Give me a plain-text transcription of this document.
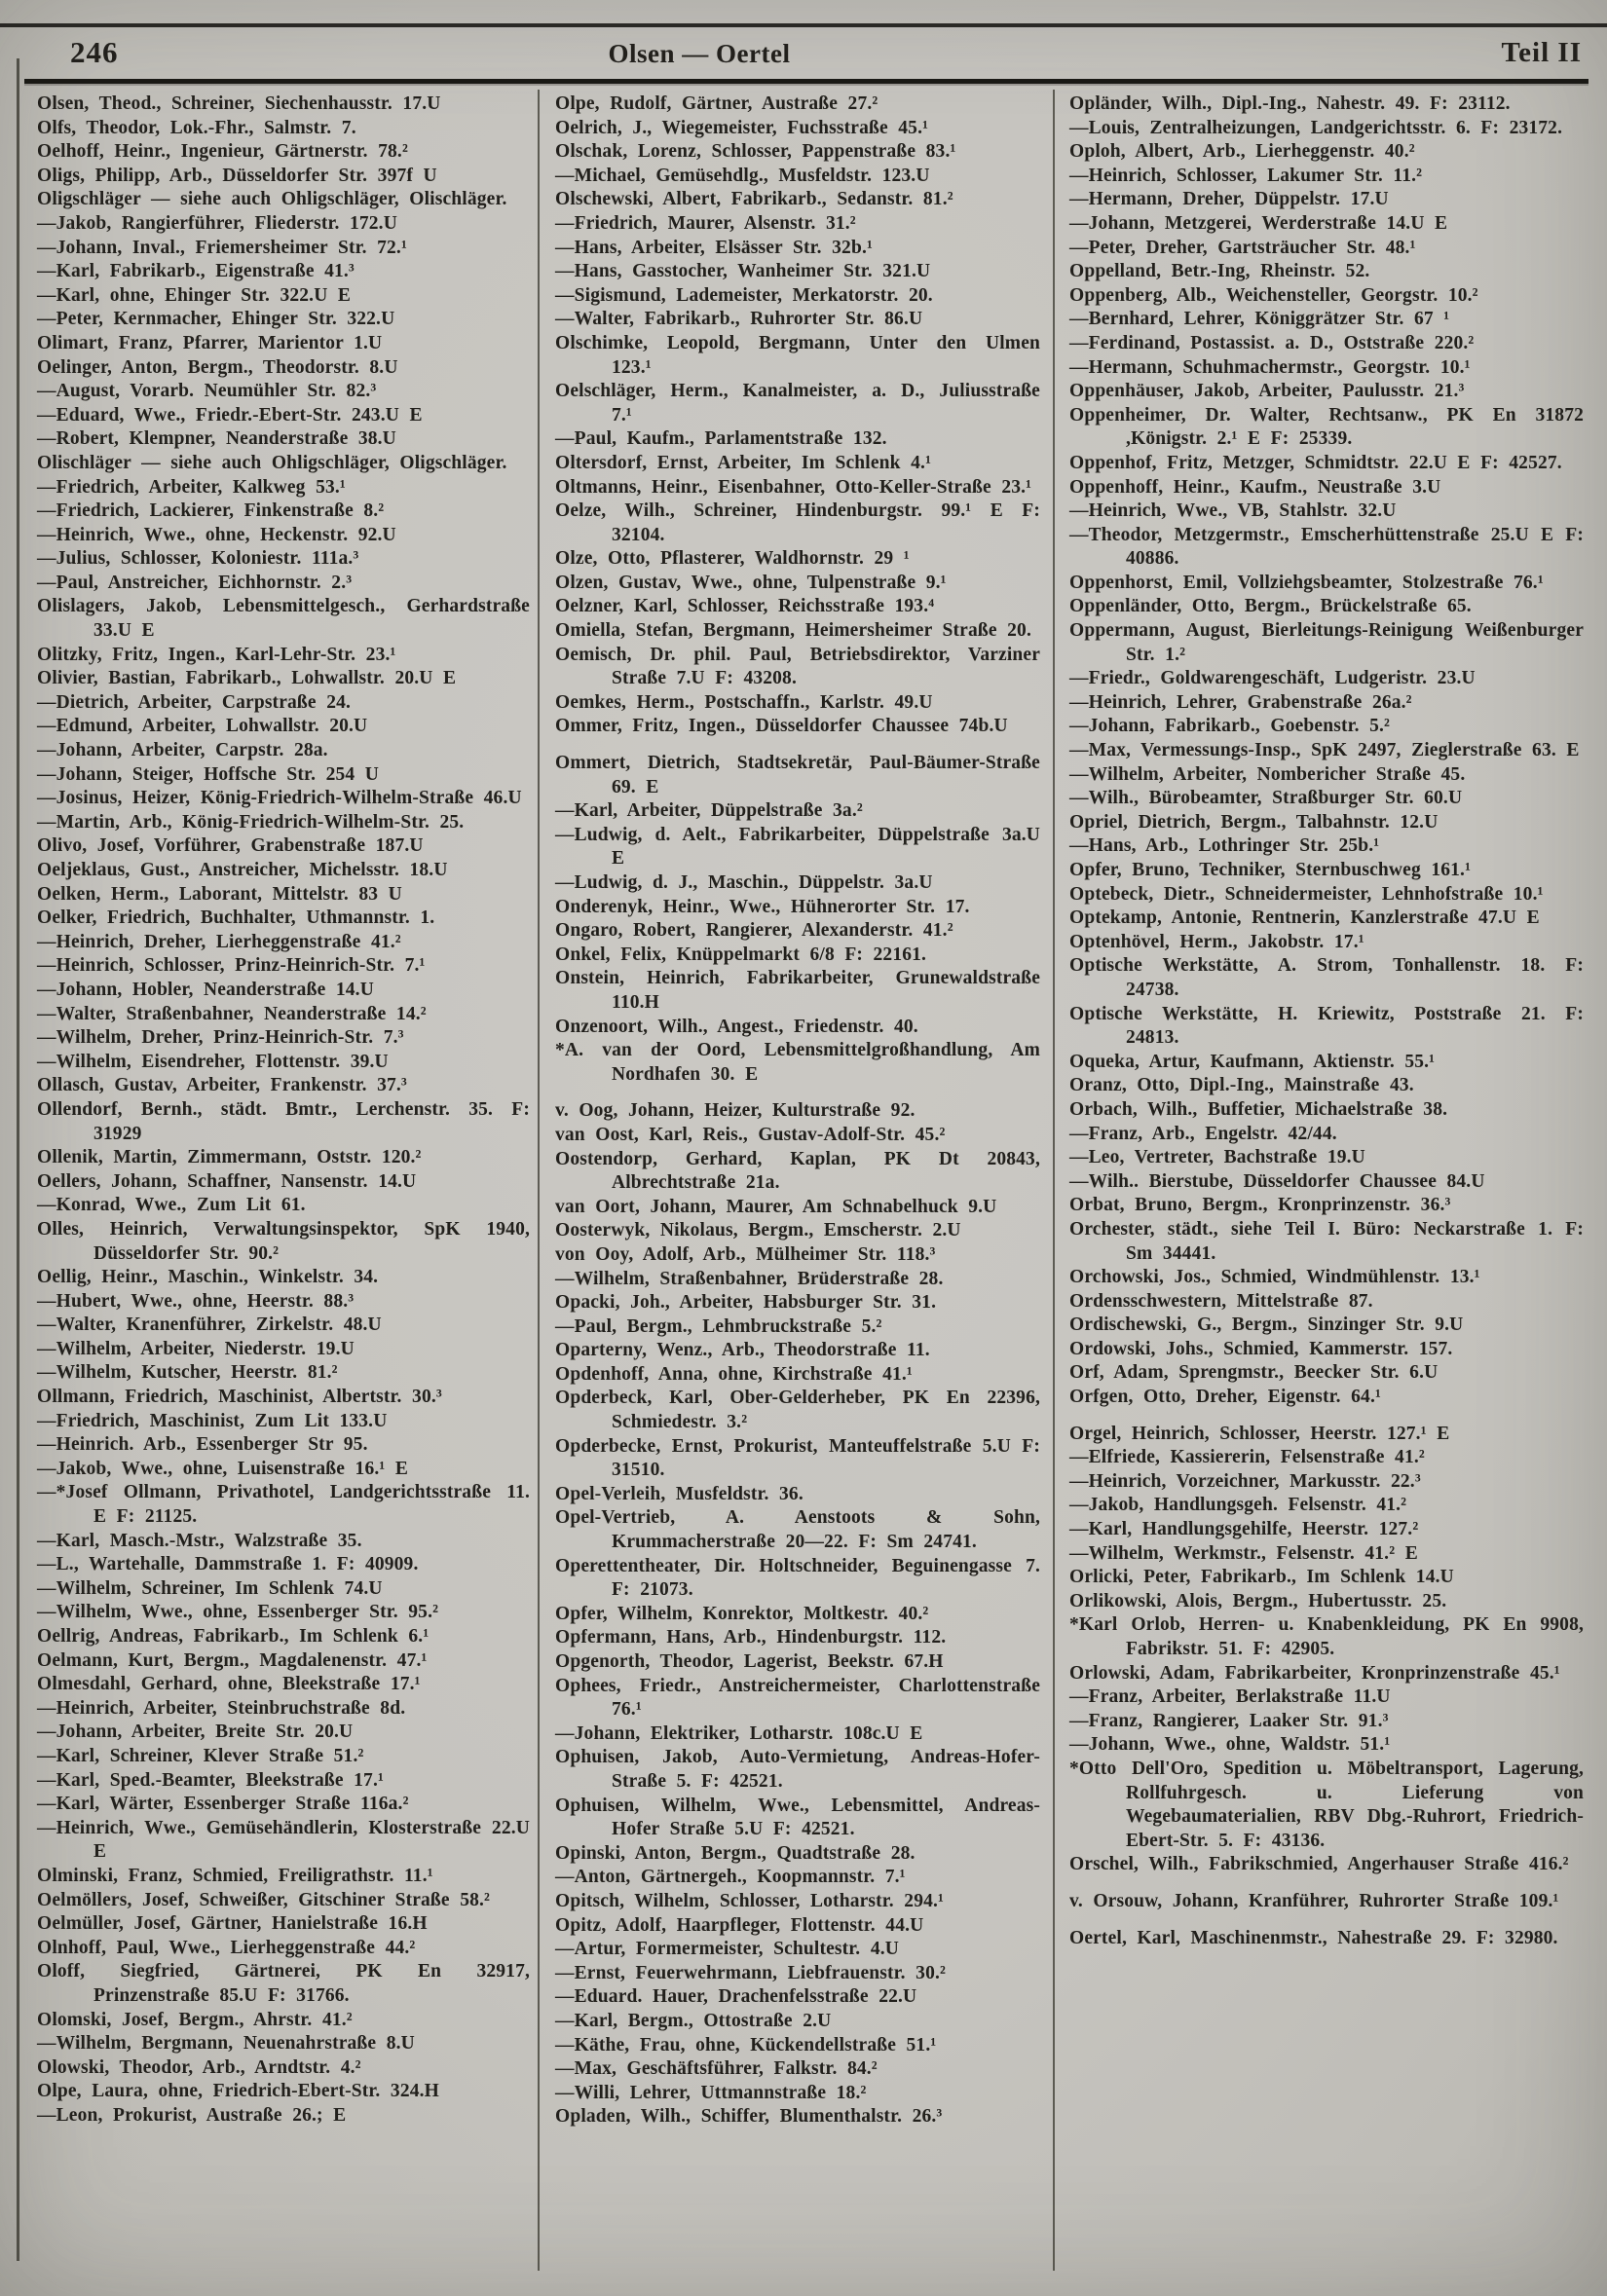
246	Olsen — Oertel	Teil II
Olsen, Theod., Schreiner, Siechenhausstr. 17.U
Olfs, Theodor, Lok.-Fhr., Salmstr. 7.
Oelhoff, Heinr., Ingenieur, Gärtnerstr. 78.²
Oligs, Philipp, Arb., Düsseldorfer Str. 397f U
Oligschläger — siehe auch Ohligschläger, Olischläger.
—Jakob, Rangierführer, Fliederstr. 172.U
—Johann, Inval., Friemersheimer Str. 72.¹
—Karl, Fabrikarb., Eigenstraße 41.³
—Karl, ohne, Ehinger Str. 322.U E
—Peter, Kernmacher, Ehinger Str. 322.U
Olimart, Franz, Pfarrer, Marientor 1.U
Oelinger, Anton, Bergm., Theodorstr. 8.U
—August, Vorarb. Neumühler Str. 82.³
—Eduard, Wwe., Friedr.-Ebert-Str. 243.U E
—Robert, Klempner, Neanderstraße 38.U
Olischläger — siehe auch Ohligschläger, Oligschläger.
—Friedrich, Arbeiter, Kalkweg 53.¹
—Friedrich, Lackierer, Finkenstraße 8.²
—Heinrich, Wwe., ohne, Heckenstr. 92.U
—Julius, Schlosser, Koloniestr. 111a.³
—Paul, Anstreicher, Eichhornstr. 2.³
Olislagers, Jakob, Lebensmittelgesch., Gerhardstraße 33.U E
Olitzky, Fritz, Ingen., Karl-Lehr-Str. 23.¹
Olivier, Bastian, Fabrikarb., Lohwallstr. 20.U E
—Dietrich, Arbeiter, Carpstraße 24.
—Edmund, Arbeiter, Lohwallstr. 20.U
—Johann, Arbeiter, Carpstr. 28a.
—Johann, Steiger, Hoffsche Str. 254 U
—Josinus, Heizer, König-Friedrich-Wilhelm-Straße 46.U
—Martin, Arb., König-Friedrich-Wilhelm-Str. 25.
Olivo, Josef, Vorführer, Grabenstraße 187.U
Oeljeklaus, Gust., Anstreicher, Michelsstr. 18.U
Oelken, Herm., Laborant, Mittelstr. 83 U
Oelker, Friedrich, Buchhalter, Uthmannstr. 1.
—Heinrich, Dreher, Lierheggenstraße 41.²
—Heinrich, Schlosser, Prinz-Heinrich-Str. 7.¹
—Johann, Hobler, Neanderstraße 14.U
—Walter, Straßenbahner, Neanderstraße 14.²
—Wilhelm, Dreher, Prinz-Heinrich-Str. 7.³
—Wilhelm, Eisendreher, Flottenstr. 39.U
Ollasch, Gustav, Arbeiter, Frankenstr. 37.³
Ollendorf, Bernh., städt. Bmtr., Lerchenstr. 35. F: 31929
Ollenik, Martin, Zimmermann, Oststr. 120.²
Oellers, Johann, Schaffner, Nansenstr. 14.U
—Konrad, Wwe., Zum Lit 61.
Olles, Heinrich, Verwaltungsinspektor, SpK 1940, Düsseldorfer Str. 90.²
Oellig, Heinr., Maschin., Winkelstr. 34.
—Hubert, Wwe., ohne, Heerstr. 88.³
—Walter, Kranenführer, Zirkelstr. 48.U
—Wilhelm, Arbeiter, Niederstr. 19.U
—Wilhelm, Kutscher, Heerstr. 81.²
Ollmann, Friedrich, Maschinist, Albertstr. 30.³
—Friedrich, Maschinist, Zum Lit 133.U
—Heinrich. Arb., Essenberger Str 95.
—Jakob, Wwe., ohne, Luisenstraße 16.¹ E
—*Josef Ollmann, Privathotel, Landgerichtsstraße 11. E F: 21125.
—Karl, Masch.-Mstr., Walzstraße 35.
—L., Wartehalle, Dammstraße 1. F: 40909.
—Wilhelm, Schreiner, Im Schlenk 74.U
—Wilhelm, Wwe., ohne, Essenberger Str. 95.²
Oellrig, Andreas, Fabrikarb., Im Schlenk 6.¹
Oelmann, Kurt, Bergm., Magdalenenstr. 47.¹
Olmesdahl, Gerhard, ohne, Bleekstraße 17.¹
—Heinrich, Arbeiter, Steinbruchstraße 8d.
—Johann, Arbeiter, Breite Str. 20.U
—Karl, Schreiner, Klever Straße 51.²
—Karl, Sped.-Beamter, Bleekstraße 17.¹
—Karl, Wärter, Essenberger Straße 116a.²
—Heinrich, Wwe., Gemüsehändlerin, Klosterstraße 22.U E
Olminski, Franz, Schmied, Freiligrathstr. 11.¹
Oelmöllers, Josef, Schweißer, Gitschiner Straße 58.²
Oelmüller, Josef, Gärtner, Hanielstraße 16.H
Olnhoff, Paul, Wwe., Lierheggenstraße 44.²
Oloff, Siegfried, Gärtnerei, PK En 32917, Prinzenstraße 85.U F: 31766.
Olomski, Josef, Bergm., Ahrstr. 41.²
—Wilhelm, Bergmann, Neuenahrstraße 8.U
Olowski, Theodor, Arb., Arndtstr. 4.²
Olpe, Laura, ohne, Friedrich-Ebert-Str. 324.H
—Leon, Prokurist, Austraße 26.; E
Olpe, Rudolf, Gärtner, Austraße 27.²
Oelrich, J., Wiegemeister, Fuchsstraße 45.¹
Olschak, Lorenz, Schlosser, Pappenstraße 83.¹
—Michael, Gemüsehdlg., Musfeldstr. 123.U
Olschewski, Albert, Fabrikarb., Sedanstr. 81.²
—Friedrich, Maurer, Alsenstr. 31.²
—Hans, Arbeiter, Elsässer Str. 32b.¹
—Hans, Gasstocher, Wanheimer Str. 321.U
—Sigismund, Lademeister, Merkatorstr. 20.
—Walter, Fabrikarb., Ruhrorter Str. 86.U
Olschimke, Leopold, Bergmann, Unter den Ulmen 123.¹
Oelschläger, Herm., Kanalmeister, a. D., Juliusstraße 7.¹
—Paul, Kaufm., Parlamentstraße 132.
Oltersdorf, Ernst, Arbeiter, Im Schlenk 4.¹
Oltmanns, Heinr., Eisenbahner, Otto-Keller-Straße 23.¹
Oelze, Wilh., Schreiner, Hindenburgstr. 99.¹ E F: 32104.
Olze, Otto, Pflasterer, Waldhornstr. 29 ¹
Olzen, Gustav, Wwe., ohne, Tulpenstraße 9.¹
Oelzner, Karl, Schlosser, Reichsstraße 193.⁴
Omiella, Stefan, Bergmann, Heimersheimer Straße 20.
Oemisch, Dr. phil. Paul, Betriebsdirektor, Varziner Straße 7.U F: 43208.
Oemkes, Herm., Postschaffn., Karlstr. 49.U
Ommer, Fritz, Ingen., Düsseldorfer Chaussee 74b.U
Ommert, Dietrich, Stadtsekretär, Paul-Bäumer-Straße 69. E
—Karl, Arbeiter, Düppelstraße 3a.²
—Ludwig, d. Aelt., Fabrikarbeiter, Düppelstraße 3a.U E
—Ludwig, d. J., Maschin., Düppelstr. 3a.U
Onderenyk, Heinr., Wwe., Hühnerorter Str. 17.
Ongaro, Robert, Rangierer, Alexanderstr. 41.²
Onkel, Felix, Knüppelmarkt 6/8 F: 22161.
Onstein, Heinrich, Fabrikarbeiter, Grunewaldstraße 110.H
Onzenoort, Wilh., Angest., Friedenstr. 40.
*A. van der Oord, Lebensmittelgroßhandlung, Am Nordhafen 30. E
v. Oog, Johann, Heizer, Kulturstraße 92.
van Oost, Karl, Reis., Gustav-Adolf-Str. 45.²
Oostendorp, Gerhard, Kaplan, PK Dt 20843, Albrechtstraße 21a.
van Oort, Johann, Maurer, Am Schnabelhuck 9.U
Oosterwyk, Nikolaus, Bergm., Emscherstr. 2.U
von Ooy, Adolf, Arb., Mülheimer Str. 118.³
—Wilhelm, Straßenbahner, Brüderstraße 28.
Opacki, Joh., Arbeiter, Habsburger Str. 31.
—Paul, Bergm., Lehmbruckstraße 5.²
Oparterny, Wenz., Arb., Theodorstraße 11.
Opdenhoff, Anna, ohne, Kirchstraße 41.¹
Opderbeck, Karl, Ober-Gelderheber, PK En 22396, Schmiedestr. 3.²
Opderbecke, Ernst, Prokurist, Manteuffelstraße 5.U F: 31510.
Opel-Verleih, Musfeldstr. 36.
Opel-Vertrieb, A. Aenstoots & Sohn, Krummacherstraße 20—22. F: Sm 24741.
Operettentheater, Dir. Holtschneider, Beguinengasse 7. F: 21073.
Opfer, Wilhelm, Konrektor, Moltkestr. 40.²
Opfermann, Hans, Arb., Hindenburgstr. 112.
Opgenorth, Theodor, Lagerist, Beekstr. 67.H
Ophees, Friedr., Anstreichermeister, Charlottenstraße 76.¹
—Johann, Elektriker, Lotharstr. 108c.U E
Ophuisen, Jakob, Auto-Vermietung, Andreas-Hofer-Straße 5. F: 42521.
Ophuisen, Wilhelm, Wwe., Lebensmittel, Andreas-Hofer Straße 5.U F: 42521.
Opinski, Anton, Bergm., Quadtstraße 28.
—Anton, Gärtnergeh., Koopmannstr. 7.¹
Opitsch, Wilhelm, Schlosser, Lotharstr. 294.¹
Opitz, Adolf, Haarpfleger, Flottenstr. 44.U
—Artur, Formermeister, Schultestr. 4.U
—Ernst, Feuerwehrmann, Liebfrauenstr. 30.²
—Eduard. Hauer, Drachenfelsstraße 22.U
—Karl, Bergm., Ottostraße 2.U
—Käthe, Frau, ohne, Kückendellstraße 51.¹
—Max, Geschäftsführer, Falkstr. 84.²
—Willi, Lehrer, Uttmannstraße 18.²
Opladen, Wilh., Schiffer, Blumenthalstr. 26.³
Opländer, Wilh., Dipl.-Ing., Nahestr. 49. F: 23112.
—Louis, Zentralheizungen, Landgerichtsstr. 6. F: 23172.
Oploh, Albert, Arb., Lierheggenstr. 40.²
—Heinrich, Schlosser, Lakumer Str. 11.²
—Hermann, Dreher, Düppelstr. 17.U
—Johann, Metzgerei, Werderstraße 14.U E
—Peter, Dreher, Gartsträucher Str. 48.¹
Oppelland, Betr.-Ing, Rheinstr. 52.
Oppenberg, Alb., Weichensteller, Georgstr. 10.²
—Bernhard, Lehrer, Königgrätzer Str. 67 ¹
—Ferdinand, Postassist. a. D., Oststraße 220.²
—Hermann, Schuhmachermstr., Georgstr. 10.¹
Oppenhäuser, Jakob, Arbeiter, Paulusstr. 21.³
Oppenheimer, Dr. Walter, Rechtsanw., PK En 31872 ,Königstr. 2.¹ E F: 25339.
Oppenhof, Fritz, Metzger, Schmidtstr. 22.U E F: 42527.
Oppenhoff, Heinr., Kaufm., Neustraße 3.U
—Heinrich, Wwe., VB, Stahlstr. 32.U
—Theodor, Metzgermstr., Emscherhüttenstraße 25.U E F: 40886.
Oppenhorst, Emil, Vollziehgsbeamter, Stolzestraße 76.¹
Oppenländer, Otto, Bergm., Brückelstraße 65.
Oppermann, August, Bierleitungs-Reinigung Weißenburger Str. 1.²
—Friedr., Goldwarengeschäft, Ludgeristr. 23.U
—Heinrich, Lehrer, Grabenstraße 26a.²
—Johann, Fabrikarb., Goebenstr. 5.²
—Max, Vermessungs-Insp., SpK 2497, Zieglerstraße 63. E
—Wilhelm, Arbeiter, Nombericher Straße 45.
—Wilh., Bürobeamter, Straßburger Str. 60.U
Opriel, Dietrich, Bergm., Talbahnstr. 12.U
—Hans, Arb., Lothringer Str. 25b.¹
Opfer, Bruno, Techniker, Sternbuschweg 161.¹
Optebeck, Dietr., Schneidermeister, Lehnhofstraße 10.¹
Optekamp, Antonie, Rentnerin, Kanzlerstraße 47.U E
Optenhövel, Herm., Jakobstr. 17.¹
Optische Werkstätte, A. Strom, Tonhallenstr. 18. F: 24738.
Optische Werkstätte, H. Kriewitz, Poststraße 21. F: 24813.
Oqueka, Artur, Kaufmann, Aktienstr. 55.¹
Oranz, Otto, Dipl.-Ing., Mainstraße 43.
Orbach, Wilh., Buffetier, Michaelstraße 38.
—Franz, Arb., Engelstr. 42/44.
—Leo, Vertreter, Bachstraße 19.U
—Wilh.. Bierstube, Düsseldorfer Chaussee 84.U
Orbat, Bruno, Bergm., Kronprinzenstr. 36.³
Orchester, städt., siehe Teil I. Büro: Neckarstraße 1. F: Sm 34441.
Orchowski, Jos., Schmied, Windmühlenstr. 13.¹
Ordensschwestern, Mittelstraße 87.
Ordischewski, G., Bergm., Sinzinger Str. 9.U
Ordowski, Johs., Schmied, Kammerstr. 157.
Orf, Adam, Sprengmstr., Beecker Str. 6.U
Orfgen, Otto, Dreher, Eigenstr. 64.¹
Orgel, Heinrich, Schlosser, Heerstr. 127.¹ E
—Elfriede, Kassiererin, Felsenstraße 41.²
—Heinrich, Vorzeichner, Markusstr. 22.³
—Jakob, Handlungsgeh. Felsenstr. 41.²
—Karl, Handlungsgehilfe, Heerstr. 127.²
—Wilhelm, Werkmstr., Felsenstr. 41.² E
Orlicki, Peter, Fabrikarb., Im Schlenk 14.U
Orlikowski, Alois, Bergm., Hubertusstr. 25.
*Karl Orlob, Herren- u. Knabenkleidung, PK En 9908, Fabrikstr. 51. F: 42905.
Orlowski, Adam, Fabrikarbeiter, Kronprinzenstraße 45.¹
—Franz, Arbeiter, Berlakstraße 11.U
—Franz, Rangierer, Laaker Str. 91.³
—Johann, Wwe., ohne, Waldstr. 51.¹
*Otto Dell'Oro, Spedition u. Möbeltransport, Lagerung, Rollfuhrgesch. u. Lieferung von Wegebaumaterialien, RBV Dbg.-Ruhrort, Friedrich-Ebert-Str. 5. F: 43136.
Orschel, Wilh., Fabrikschmied, Angerhauser Straße 416.²
v. Orsouw, Johann, Kranführer, Ruhrorter Straße 109.¹
Oertel, Karl, Maschinenmstr., Nahestraße 29. F: 32980.
